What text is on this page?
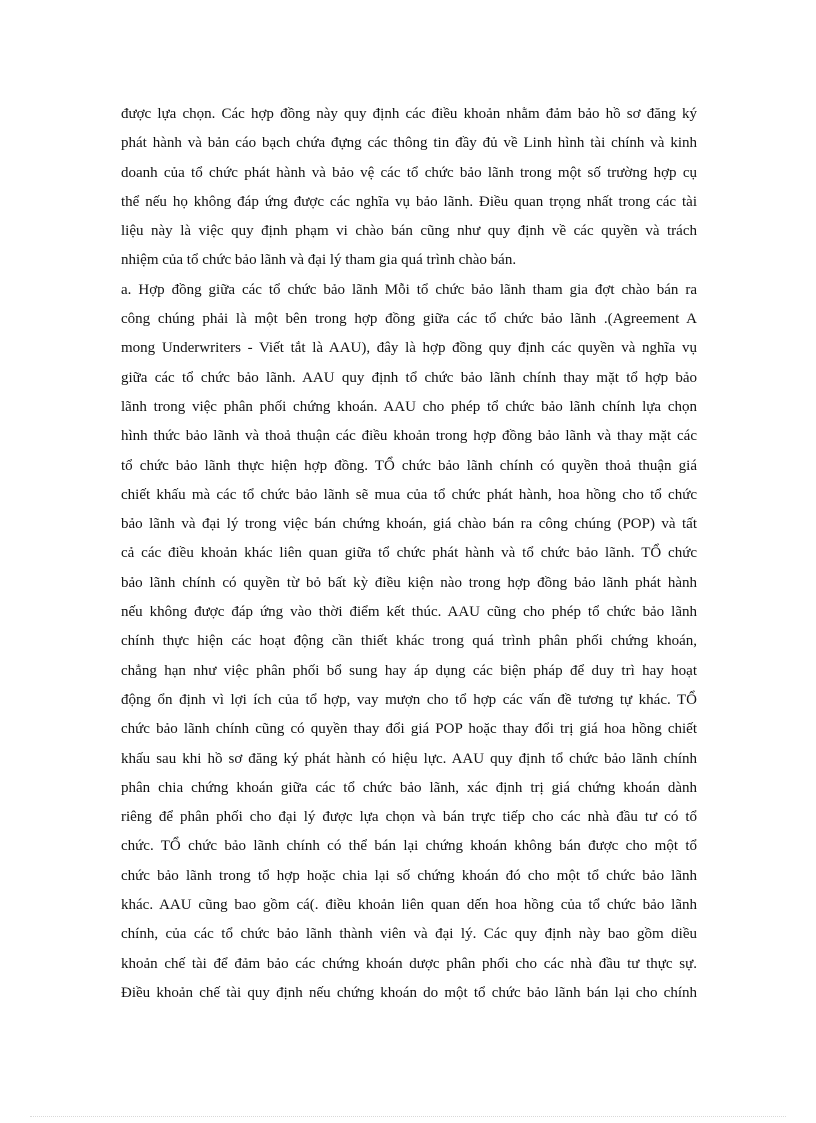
được lựa chọn. Các hợp đồng này quy định các điều khoản nhằm đảm bảo hồ sơ đăng ký
phát hành và bản cáo bạch chứa đựng các thông tin đầy đủ về Linh hình tài chính và kinh
doanh của tổ chức phát hành và bảo vệ các tổ chức bảo lãnh trong một số trường hợp cụ
thể nếu họ không đáp ứng được các nghĩa vụ bảo lãnh. Điều quan trọng nhất trong các tài
liệu này là việc quy định phạm vi chào bán cũng như quy định về các quyền và trách
nhiệm của tổ chức bảo lãnh và đại lý tham gia quá trình chào bán.
a. Hợp đồng giữa các tổ chức bảo lãnh Mỗi tổ chức bảo lãnh tham gia đợt chào bán ra
công chúng phải là một bên trong hợp đồng giữa các tổ chức bảo lãnh .(Agreement A
mong Underwriters - Viết tắt là AAU), đây là hợp đồng quy định các quyền và nghĩa vụ
giữa các tổ chức bảo lãnh. AAU quy định tổ chức bảo lãnh chính thay mặt tổ hợp bảo
lãnh trong việc phân phối chứng khoán. AAU cho phép tổ chức bảo lãnh chính lựa chọn
hình thức bảo lãnh và thoả thuận các điều khoản trong hợp đồng bảo lãnh và thay mặt các
tổ chức bảo lãnh thực hiện hợp đồng. TỔ chức bảo lãnh chính có quyền thoả thuận giá
chiết khấu mà các tổ chức bảo lãnh sẽ mua của tổ chức phát hành, hoa hồng cho tổ chức
bảo lãnh và đại lý trong việc bán chứng khoán, giá chào bán ra công chúng (POP) và tất
cả các điều khoản khác liên quan giữa tổ chức phát hành và tổ chức bảo lãnh. TỔ chức
bảo lãnh chính có quyền từ bỏ bất kỳ điều kiện nào trong hợp đồng bảo lãnh phát hành
nếu không được đáp ứng vào thời điểm kết thúc. AAU cũng cho phép tổ chức bảo lãnh
chính thực hiện các hoạt động cần thiết khác trong quá trình phân phối chứng khoán,
chẳng hạn như việc phân phối bổ sung hay áp dụng các biện pháp để duy trì hay hoạt
động ổn định vì lợi ích của tổ hợp, vay mượn cho tổ hợp các vấn đề tương tự khác. TỔ
chức bảo lãnh chính cũng có quyền thay đổi giá POP hoặc thay đổi trị giá hoa hồng chiết
khấu sau khi hồ sơ đăng ký phát hành có hiệu lực. AAU quy định tổ chức bảo lãnh chính
phân chia chứng khoán giữa các tổ chức bảo lãnh, xác định trị giá chứng khoán dành
riêng để phân phối cho đại lý được lựa chọn và bán trực tiếp cho các nhà đầu tư có tổ
chức. TỔ chức bảo lãnh chính có thể bán lại chứng khoán không bán được cho một tổ
chức bảo lãnh trong tổ hợp hoặc chia lại số chứng khoán đó cho một tổ chức bảo lãnh
khác. AAU cũng bao gồm cá(. điều khoản liên quan dến hoa hồng của tổ chức bảo lãnh
chính, của các tổ chức bảo lãnh thành viên và đại lý. Các quy định này bao gồm diều
khoản chế tài để đảm bảo các chứng khoán dược phân phối cho các nhà đầu tư thực sự.
Điều khoản chế tài quy định nếu chứng khoán do một tổ chức bảo lãnh bán lại cho chính
